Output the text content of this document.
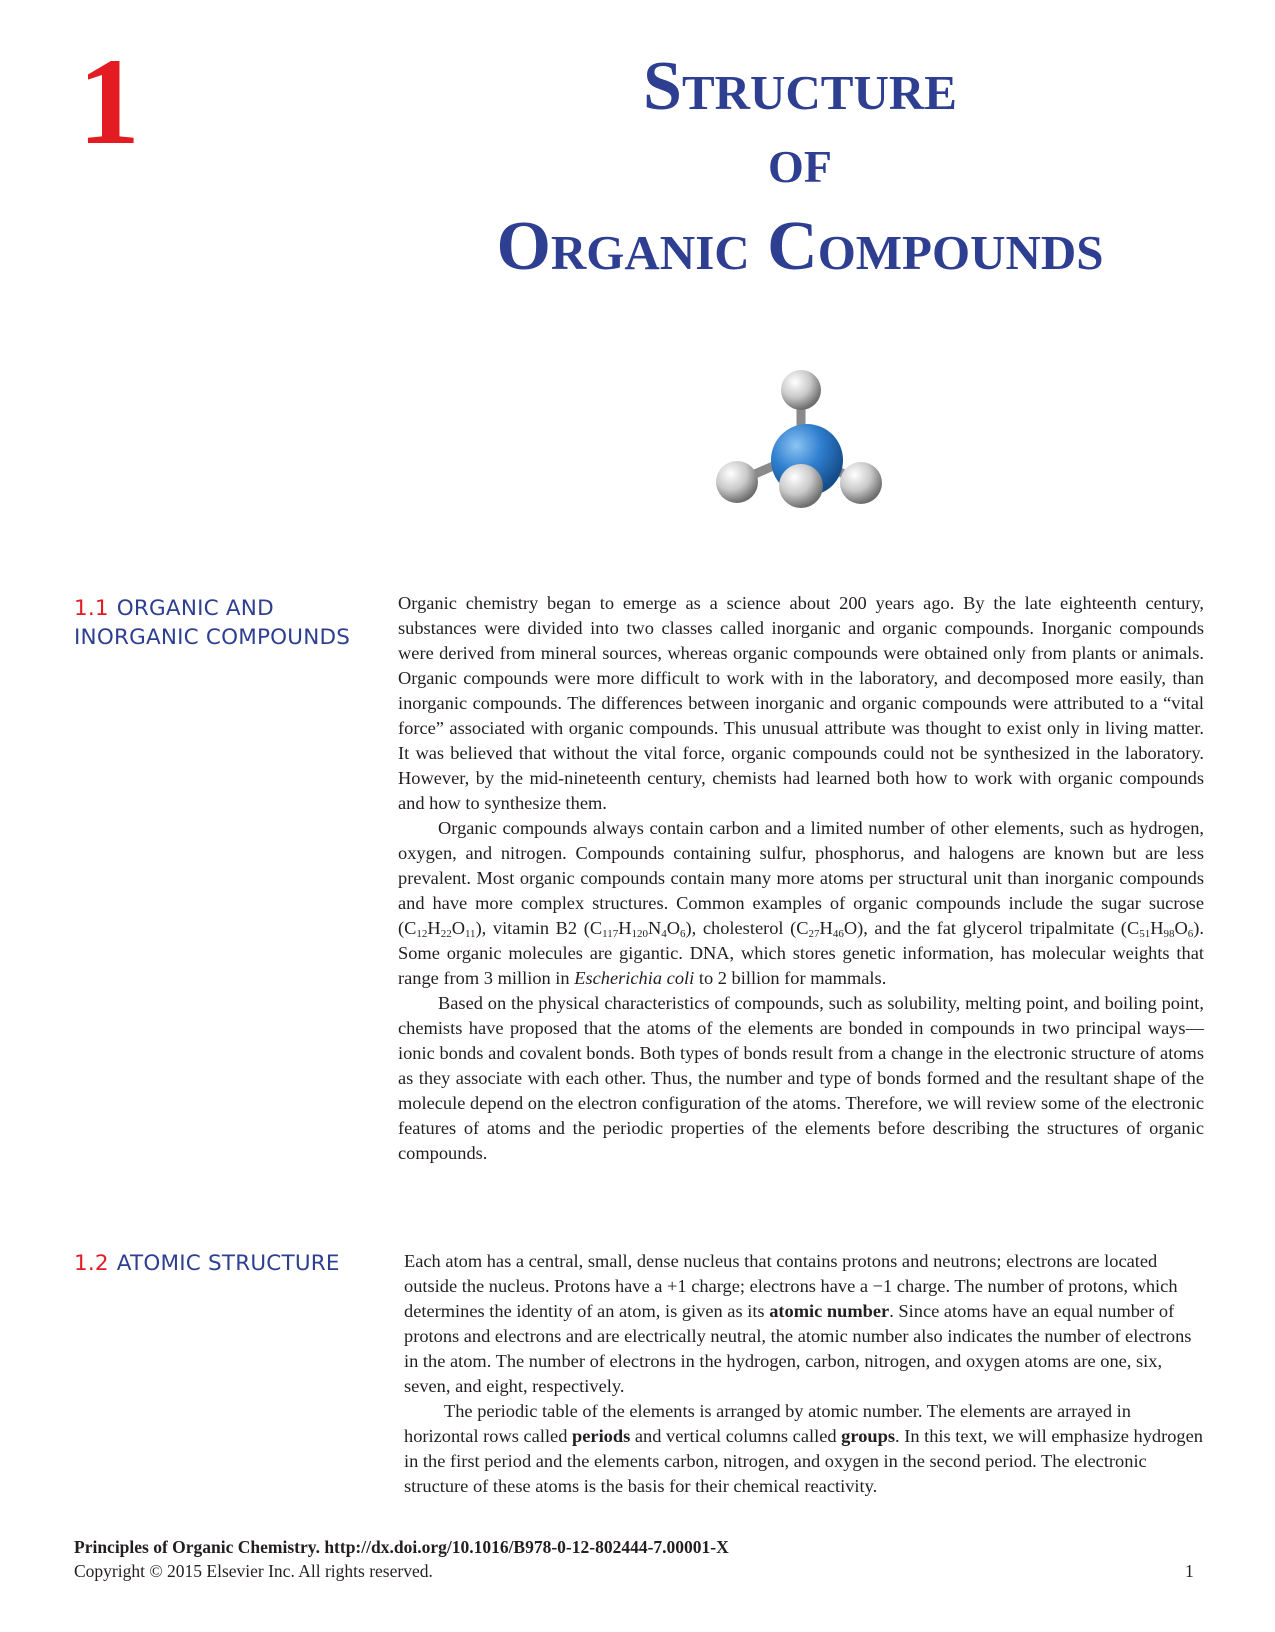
1	Structure
OF
Organic Compounds
1.1 ORGANIC AND
INORGANIC COMPOUNDS

Organic chemistry began to emerge as a science about 200 years ago. By the late eighteenth century, substances were divided into two classes called inorganic and organic compounds. Inorganic compounds were derived from mineral sources, whereas organic compounds were obtained only from plants or animals. Organic compounds were more difficult to work with in the laboratory, and decomposed more easily, than inorganic compounds. The differences between inorganic and organic compounds were attributed to a “vital force” associated with organic compounds. This unusual attribute was thought to exist only in living matter. It was believed that without the vital force, organic compounds could not be synthesized in the laboratory. However, by the mid-nineteenth century, chemists had learned both how to work with organic compounds and how to synthesize them.

Organic compounds always contain carbon and a limited number of other elements, such as hydrogen, oxygen, and nitrogen. Compounds containing sulfur, phosphorus, and halogens are known but are less prevalent. Most organic compounds contain many more atoms per structural unit than inorganic compounds and have more complex structures. Common examples of organic compounds include the sugar sucrose $(C_{12}H_{22}O_{11})$, vitamin B2 $(C_{117}H_{120}N_4O_6)$, cholesterol $(C_{27}H_{46}O)$, and the fat glycerol tripalmitate $(C_{51}H_{98}O_6)$. Some organic molecules are gigantic. DNA, which stores genetic information, has molecular weights that range from 3 million in Escherichia coli to 2 billion for mammals.

Based on the physical characteristics of compounds, such as solubility, melting point, and boiling point, chemists have proposed that the atoms of the elements are bonded in compounds in two principal ways—ionic bonds and covalent bonds. Both types of bonds result from a change in the electronic structure of atoms as they associate with each other. Thus, the number and type of bonds formed and the resultant shape of the molecule depend on the electron configuration of the atoms. Therefore, we will review some of the electronic features of atoms and the periodic properties of the elements before describing the structures of organic compounds.

1.2 ATOMIC STRUCTURE	Each atom has a central, small, dense nucleus that contains protons and neutrons; electrons are located outside the nucleus. Protons have a +1 charge; electrons have a −1 charge. The number of protons, which determines the identity of an atom, is given as its atomic number. Since atoms have an equal number of protons and electrons and are electrically neutral, the atomic number also indicates the number of electrons in the atom. The number of electrons in the hydrogen, carbon, nitrogen, and oxygen atoms are one, six, seven, and eight, respectively.

The periodic table of the elements is arranged by atomic number. The elements are arrayed in horizontal rows called periods and vertical columns called groups. In this text, we will emphasize hydrogen in the first period and the elements carbon, nitrogen, and oxygen in the second period. The electronic structure of these atoms is the basis for their chemical reactivity.

Principles of Organic Chemistry. http://dx.doi.org/10.1016/B978-0-12-802444-7.00001-X
Copyright © 2015 Elsevier Inc. All rights reserved.	1
